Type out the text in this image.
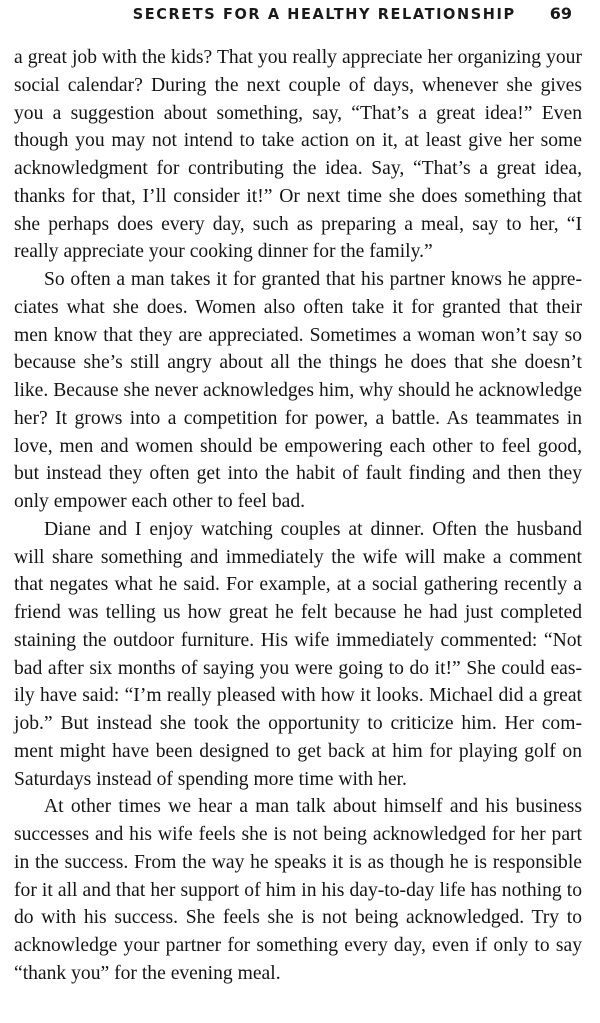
SECRETS FOR A HEALTHY RELATIONSHIP 69

a great job with the kids? That you really appreciate her organizing your social calendar? During the next couple of days, whenever she gives you a suggestion about something, say, “That’s a great idea!” Even though you may not intend to take action on it, at least give her some acknowledgment for contributing the idea. Say, “That’s a great idea, thanks for that, I’ll consider it!” Or next time she does something that she perhaps does every day, such as preparing a meal, say to her, “I really appreciate your cooking dinner for the family.”

So often a man takes it for granted that his partner knows he appreciates what she does. Women also often take it for granted that their men know that they are appreciated. Sometimes a woman won’t say so because she’s still angry about all the things he does that she doesn’t like. Because she never acknowledges him, why should he acknowledge her? It grows into a competition for power, a battle. As teammates in love, men and women should be empowering each other to feel good, but instead they often get into the habit of fault finding and then they only empower each other to feel bad.

Diane and I enjoy watching couples at dinner. Often the husband will share something and immediately the wife will make a comment that negates what he said. For example, at a social gathering recently a friend was telling us how great he felt because he had just completed staining the outdoor furniture. His wife immediately commented: “Not bad after six months of saying you were going to do it!” She could easily have said: “I’m really pleased with how it looks. Michael did a great job.” But instead she took the opportunity to criticize him. Her comment might have been designed to get back at him for playing golf on Saturdays instead of spending more time with her.

At other times we hear a man talk about himself and his business successes and his wife feels she is not being acknowledged for her part in the success. From the way he speaks it is as though he is responsible for it all and that her support of him in his day-to-day life has nothing to do with his success. She feels she is not being acknowledged. Try to acknowledge your partner for something every day, even if only to say “thank you” for the evening meal.
